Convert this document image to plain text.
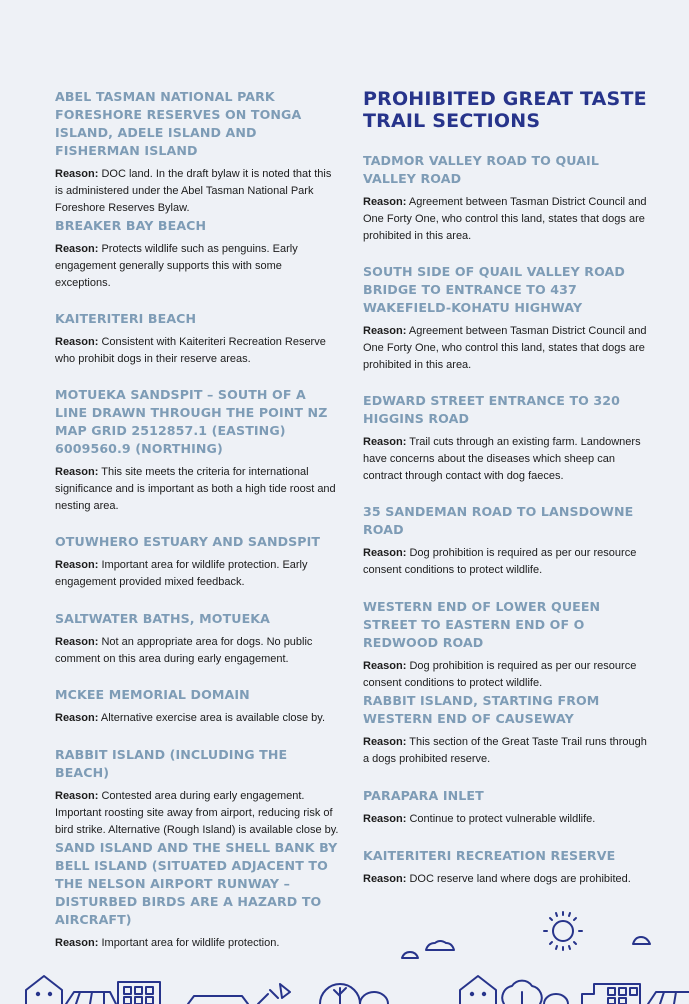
ABEL TASMAN NATIONAL PARK FORESHORE RESERVES ON TONGA ISLAND, ADELE ISLAND AND FISHERMAN ISLAND

Reason: DOC land. In the draft bylaw it is noted that this is administered under the Abel Tasman National Park Foreshore Reserves Bylaw.

BREAKER BAY BEACH

Reason: Protects wildlife such as penguins. Early engagement generally supports this with some exceptions.

KAITERITERI BEACH

Reason: Consistent with Kaiteriteri Recreation Reserve who prohibit dogs in their reserve areas.

MOTUEKA SANDSPIT – SOUTH OF A LINE DRAWN THROUGH THE POINT NZ MAP GRID 2512857.1 (EASTING) 6009560.9 (NORTHING)

Reason: This site meets the criteria for international significance and is important as both a high tide roost and nesting area.

OTUWHERO ESTUARY AND SANDSPIT

Reason: Important area for wildlife protection. Early engagement provided mixed feedback.

SALTWATER BATHS, MOTUEKA

Reason: Not an appropriate area for dogs. No public comment on this area during early engagement.

MCKEE MEMORIAL DOMAIN

Reason: Alternative exercise area is available close by.

RABBIT ISLAND (INCLUDING THE BEACH)

Reason: Contested area during early engagement. Important roosting site away from airport, reducing risk of bird strike. Alternative (Rough Island) is available close by.

SAND ISLAND AND THE SHELL BANK BY BELL ISLAND (SITUATED ADJACENT TO THE NELSON AIRPORT RUNWAY – DISTURBED BIRDS ARE A HAZARD TO AIRCRAFT)

Reason: Important area for wildlife protection.

PROHIBITED GREAT TASTE TRAIL SECTIONS
TADMOR VALLEY ROAD TO QUAIL VALLEY ROAD

Reason: Agreement between Tasman District Council and One Forty One, who control this land, states that dogs are prohibited in this area.

SOUTH SIDE OF QUAIL VALLEY ROAD BRIDGE TO ENTRANCE TO 437 WAKEFIELD-KOHATU HIGHWAY

Reason: Agreement between Tasman District Council and One Forty One, who control this land, states that dogs are prohibited in this area.

EDWARD STREET ENTRANCE TO 320 HIGGINS ROAD

Reason: Trail cuts through an existing farm. Landowners have concerns about the diseases which sheep can contract through contact with dog faeces.

35 SANDEMAN ROAD TO LANSDOWNE ROAD

Reason: Dog prohibition is required as per our resource consent conditions to protect wildlife.

WESTERN END OF LOWER QUEEN STREET TO EASTERN END OF O REDWOOD ROAD

Reason: Dog prohibition is required as per our resource consent conditions to protect wildlife.

RABBIT ISLAND, STARTING FROM WESTERN END OF CAUSEWAY

Reason: This section of the Great Taste Trail runs through a dogs prohibited reserve.

PARAPARA INLET

Reason: Continue to protect vulnerable wildlife.

KAITERITERI RECREATION RESERVE

Reason: DOC reserve land where dogs are prohibited.
